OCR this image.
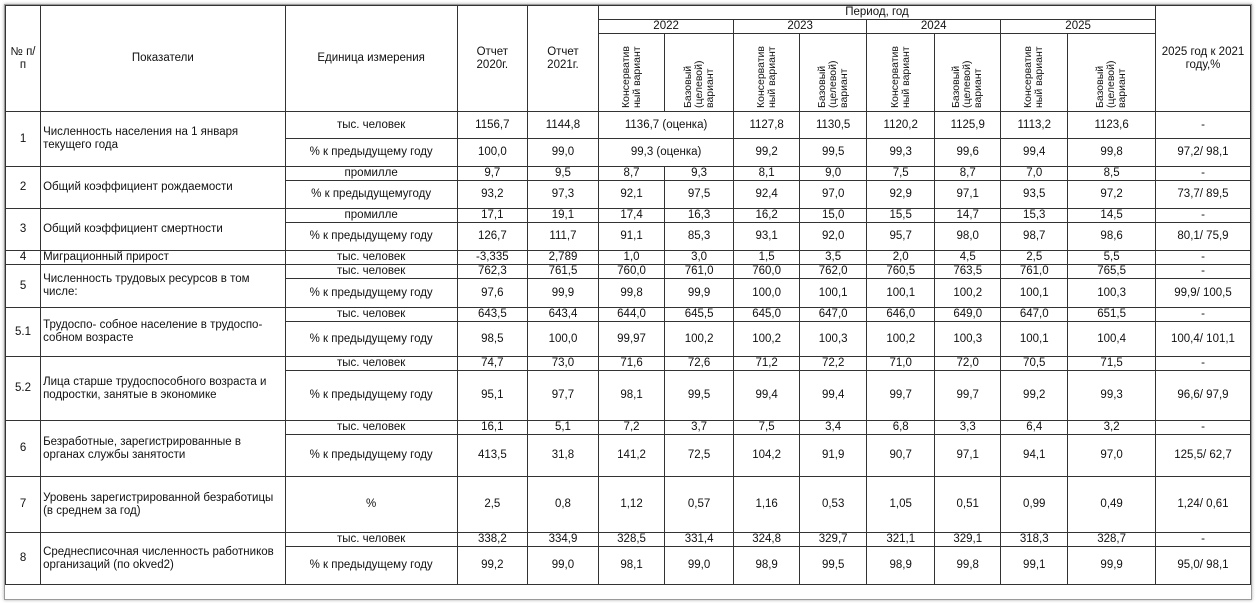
№ п/п	Показатели	Единица измерения	Отчет 2020г.	Отчет 2021г.	Период, год								2025 год к 2021 году,%
					2022		2023		2024		2025		

					Консерватив ный вариант	Базовый (целевой) вариант	Консерватив ный вариант	Базовый (целевой) вариант	Консерватив ный вариант	Базовый (целевой) вариант	Консерватив ный вариант	Базовый (целевой) вариант	

1	Численность населения на 1 января текущего года	тыс. человек	1156,7	1144,8	1136,7 (оценка)		1127,8	1130,5	1120,2	1125,9	1113,2	1123,6	-
		% к предыдущему году	100,0	99,0	99,3 (оценка)		99,2	99,5	99,3	99,6	99,4	99,8	97,2/ 98,1
2	Общий коэффициент рождаемости	промилле	9,7	9,5	8,7	9,3	8,1	9,0	7,5	8,7	7,0	8,5	-
		% к предыдущемугоду	93,2	97,3	92,1	97,5	92,4	97,0	92,9	97,1	93,5	97,2	73,7/ 89,5
3	Общий коэффициент смертности	промилле	17,1	19,1	17,4	16,3	16,2	15,0	15,5	14,7	15,3	14,5	-
		% к предыдущему году	126,7	111,7	91,1	85,3	93,1	92,0	95,7	98,0	98,7	98,6	80,1/ 75,9
4	Миграционный прирост	тыс. человек	-3,335	2,789	1,0	3,0	1,5	3,5	2,0	4,5	2,5	5,5	-
5	Численность трудовых ресурсов в том числе:	тыс. человек	762,3	761,5	760,0	761,0	760,0	762,0	760,5	763,5	761,0	765,5	-
		% к предыдущему году	97,6	99,9	99,8	99,9	100,0	100,1	100,1	100,2	100,1	100,3	99,9/ 100,5
5.1	Трудоспо- собное население в трудоспо- собном возрасте	тыс. человек	643,5	643,4	644,0	645,5	645,0	647,0	646,0	649,0	647,0	651,5	-
		% к предыдущему году	98,5	100,0	99,97	100,2	100,2	100,3	100,2	100,3	100,1	100,4	100,4/ 101,1
5.2	Лица старше трудоспособного возраста и подростки, занятые в экономике	тыс. человек	74,7	73,0	71,6	72,6	71,2	72,2	71,0	72,0	70,5	71,5	-
		% к предыдущему году	95,1	97,7	98,1	99,5	99,4	99,4	99,7	99,7	99,2	99,3	96,6/ 97,9
6	Безработные, зарегистрированные в органах службы занятости	тыс. человек	16,1	5,1	7,2	3,7	7,5	3,4	6,8	3,3	6,4	3,2	-
		% к предыдущему году	413,5	31,8	141,2	72,5	104,2	91,9	90,7	97,1	94,1	97,0	125,5/ 62,7
7	Уровень зарегистрированной безработицы (в среднем за год)	%	2,5	0,8	1,12	0,57	1,16	0,53	1,05	0,51	0,99	0,49	1,24/ 0,61
8	Среднесписочная численность работников организаций (по okved2)	тыс. человек	338,2	334,9	328,5	331,4	324,8	329,7	321,1	329,1	318,3	328,7	-
		% к предыдущему году	99,2	99,0	98,1	99,0	98,9	99,5	98,9	99,8	99,1	99,9	95,0/ 98,1
